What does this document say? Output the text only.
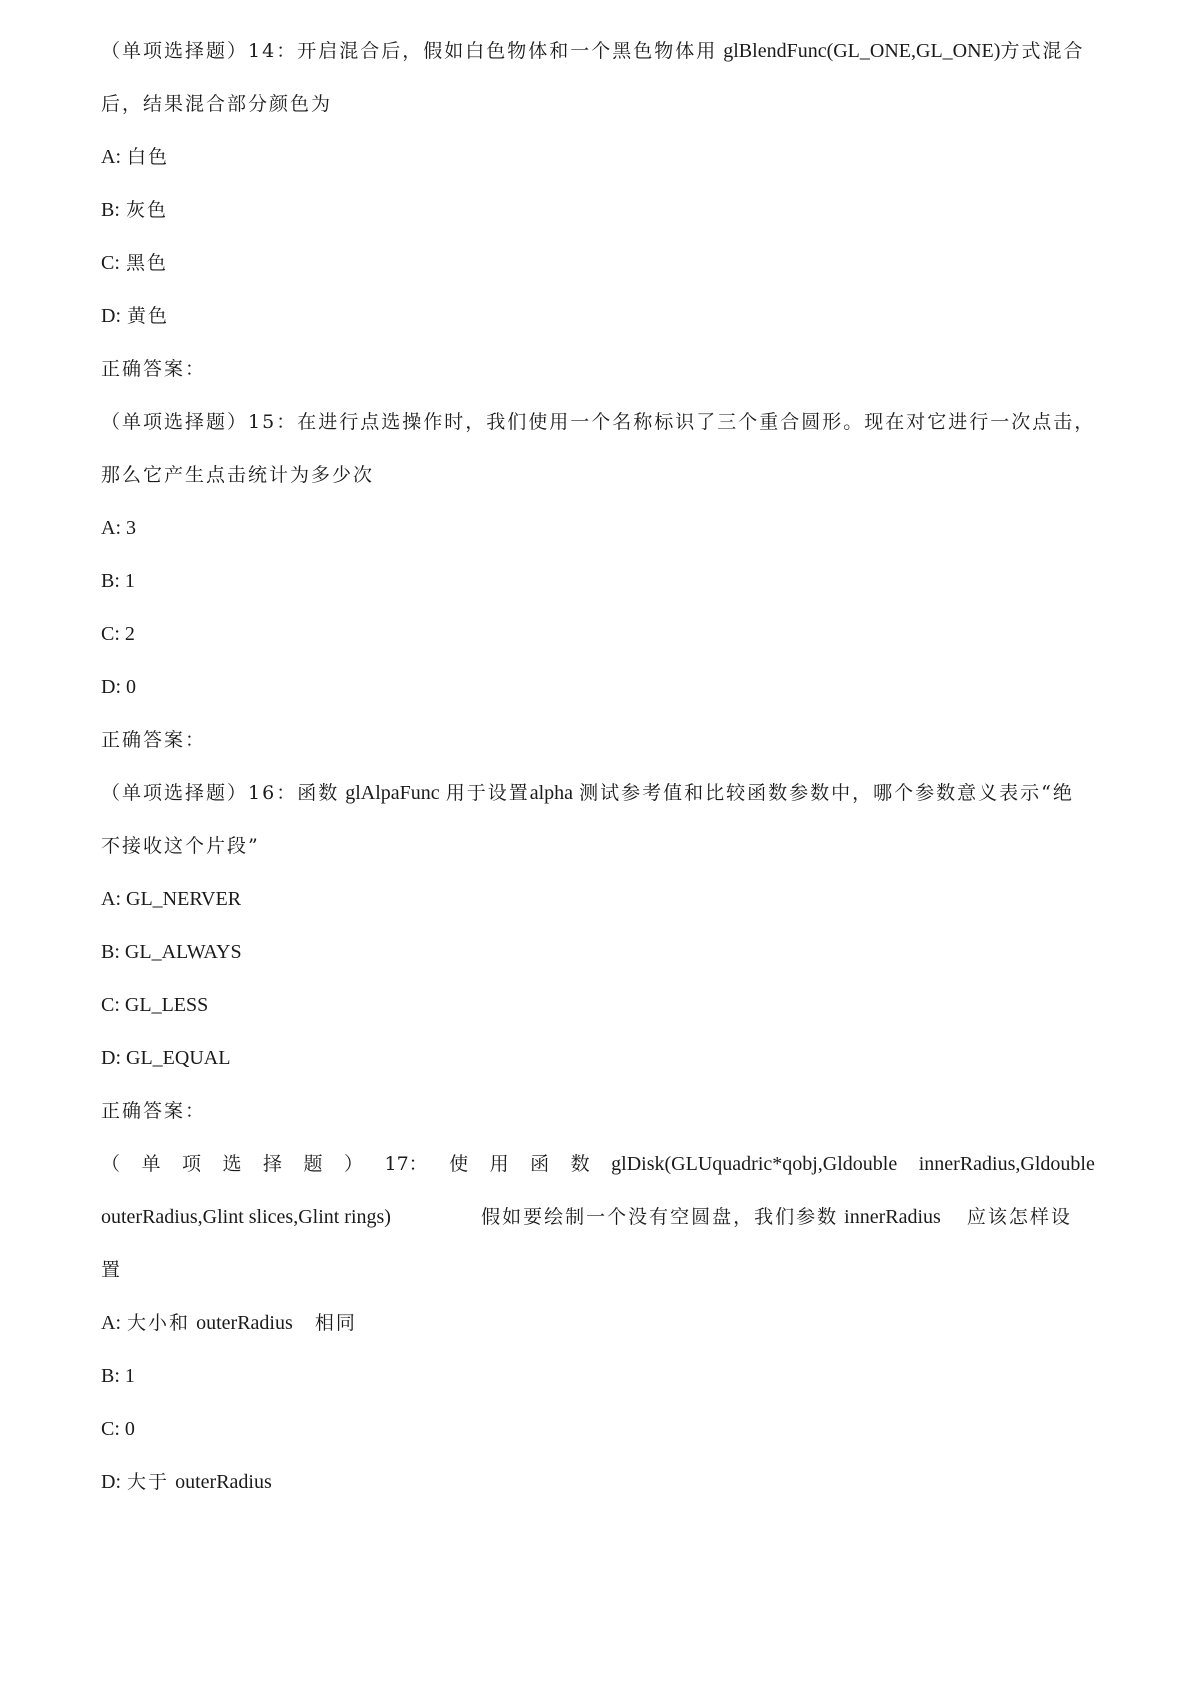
（单项选择题）14：开启混合后，假如白色物体和一个黑色物体用 glBlendFunc(GL_ONE,GL_ONE)方式混合
后，结果混合部分颜色为
A: 白色
B: 灰色
C: 黑色
D: 黄色
正确答案：
（单项选择题）15：在进行点选操作时，我们使用一个名称标识了三个重合圆形。现在对它进行一次点击，
那么它产生点击统计为多少次
A: 3
B: 1
C: 2
D: 0
正确答案：
（单项选择题）16：函数 glAlpaFunc 用于设置alpha 测试参考值和比较函数参数中，哪个参数意义表示“绝
不接收这个片段”
A: GL_NERVER
B: GL_ALWAYS
C: GL_LESS
D: GL_EQUAL
正确答案：
（ 单 项 选 择 题 ） 17： 使 用 函 数 glDisk(GLUquadric*qobj,Gldouble innerRadius,Gldouble
outerRadius,Glint slices,Glint rings)	假如要绘制一个没有空圆盘，我们参数 innerRadius 应该怎样设
置
A: 大小和 outerRadius 相同
B: 1
C: 0
D: 大于 outerRadius
